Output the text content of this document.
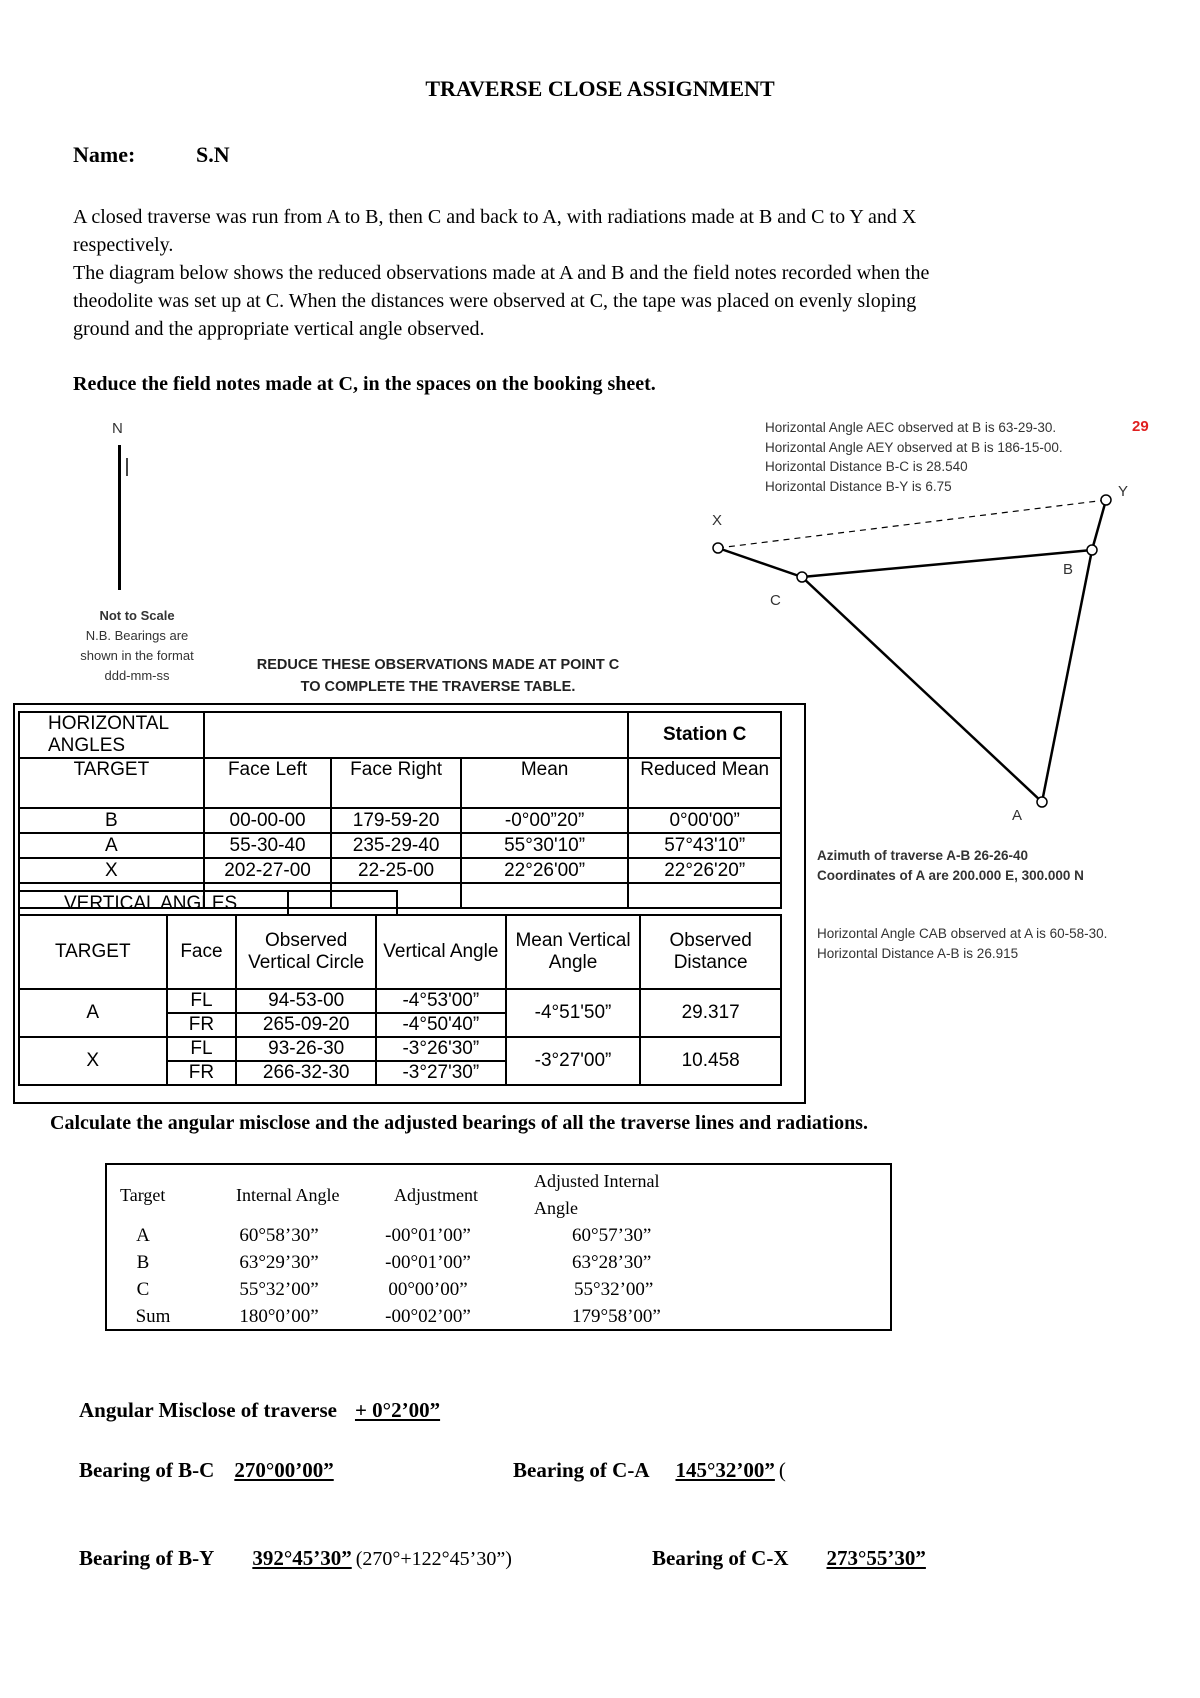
TRAVERSE CLOSE ASSIGNMENT
Name:	S.N
A closed traverse was run from A to B, then C and back to A, with radiations made at B and C to Y and X
respectively.
The diagram below shows the reduced observations made at A and B and the field notes recorded when the
theodolite was set up at C. When the distances were observed at C, the tape was placed on evenly sloping
ground and the appropriate vertical angle observed.
Reduce the field notes made at C, in the spaces on the booking sheet.
N
Not to Scale
N.B. Bearings are
shown in the format
ddd-mm-ss
REDUCE THESE OBSERVATIONS MADE AT POINT C
TO COMPLETE THE TRAVERSE TABLE.
Horizontal Angle AEC observed at B is 63-29-30.
Horizontal Angle AEY observed at B is 186-15-00.
Horizontal Distance B-C is 28.540
Horizontal Distance B-Y is 6.75
29
X
Y
B
C
A
Azimuth of traverse A-B 26-26-40
Coordinates of A are 200.000 E, 300.000 N
Horizontal Angle CAB observed at A is 60-58-30.
Horizontal Distance A-B is 26.915
HORIZONTAL ANGLES				Station C
TARGET	Face Left	Face Right	Mean	Reduced Mean
B	00-00-00	179-59-20	-0°00”20”	0°00'00”
A	55-30-40	235-29-40	55°30'10”	57°43'10”
X	202-27-00	22-25-00	22°26'00”	22°26'20”

VERTICAL ANGLES	
TARGET	Face	Observed Vertical Circle	Vertical Angle	Mean Vertical Angle	Observed Distance
A	FL	94-53-00	-4°53'00”	-4°51'50”	29.317
	FR	265-09-20	-4°50'40”		
X	FL	93-26-30	-3°26'30”	-3°27'00”	10.458
	FR	266-32-30	-3°27'30”		
Calculate the angular misclose and the adjusted bearings of all the traverse lines and radiations.
Target	Internal Angle	Adjustment	Adjusted Internal Angle
A	60°58’30”	-00°01’00”	60°57’30”
B	63°29’30”	-00°01’00”	63°28’30”
C	55°32’00”	00°00’00”	55°32’00”
Sum	180°0’00”	-00°02’00”	179°58’00”
Angular Misclose of traverse + 0°2’00”
Bearing of B-C 270°00’00”	Bearing of C-A 145°32’00” (
Bearing of B-Y 392°45’30” (270°+122°45’30”)	Bearing of C-X 273°55’30”
